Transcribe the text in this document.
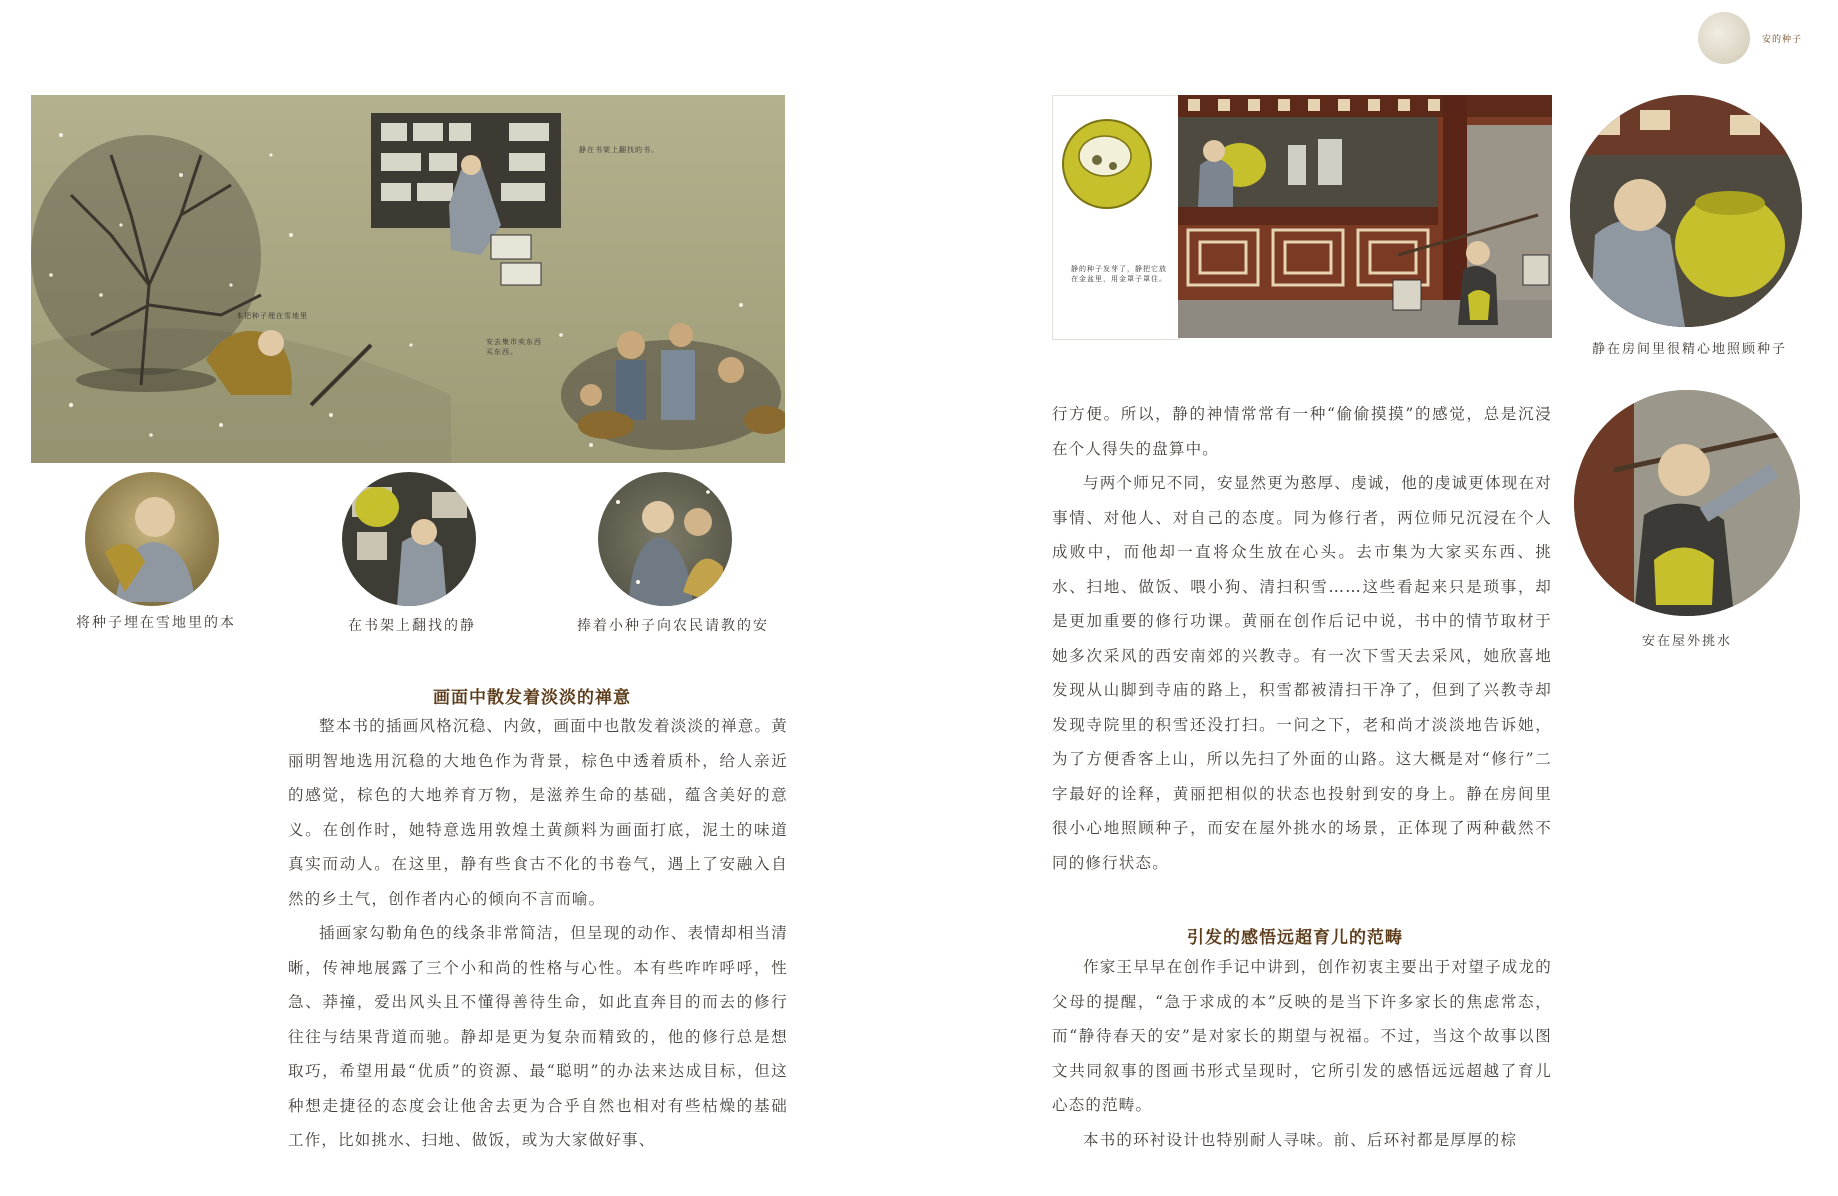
安的种子
静在书架上翻找的书。
本把种子埋在雪地里
安去集市卖东西
买东西。
将种子埋在雪地里的本	在书架上翻找的静	捧着小种子向农民请教的安
画面中散发着淡淡的禅意

整本书的插画风格沉稳、内敛，画面中也散发着淡淡的禅意。黄丽明智地选用沉稳的大地色作为背景，棕色中透着质朴，给人亲近的感觉，棕色的大地养育万物，是滋养生命的基础，蕴含美好的意义。在创作时，她特意选用敦煌土黄颜料为画面打底，泥土的味道真实而动人。在这里，静有些食古不化的书卷气，遇上了安融入自然的乡土气，创作者内心的倾向不言而喻。

插画家勾勒角色的线条非常简洁，但呈现的动作、表情却相当清晰，传神地展露了三个小和尚的性格与心性。本有些咋咋呼呼，性急、莽撞，爱出风头且不懂得善待生命，如此直奔目的而去的修行往往与结果背道而驰。静却是更为复杂而精致的，他的修行总是想取巧，希望用最“优质”的资源、最“聪明”的办法来达成目标，但这种想走捷径的态度会让他舍去更为合乎自然也相对有些枯燥的基础工作，比如挑水、扫地、做饭，或为大家做好事、

静的种子发芽了，静把它放在金盆里，用金罩子罩住。
静在房间里很精心地照顾种子
安在屋外挑水

行方便。所以，静的神情常常有一种“偷偷摸摸”的感觉，总是沉浸在个人得失的盘算中。

与两个师兄不同，安显然更为憨厚、虔诚，他的虔诚更体现在对事情、对他人、对自己的态度。同为修行者，两位师兄沉浸在个人成败中，而他却一直将众生放在心头。去市集为大家买东西、挑水、扫地、做饭、喂小狗、清扫积雪……这些看起来只是琐事，却是更加重要的修行功课。黄丽在创作后记中说，书中的情节取材于她多次采风的西安南郊的兴教寺。有一次下雪天去采风，她欣喜地发现从山脚到寺庙的路上，积雪都被清扫干净了，但到了兴教寺却发现寺院里的积雪还没打扫。一问之下，老和尚才淡淡地告诉她，为了方便香客上山，所以先扫了外面的山路。这大概是对“修行”二字最好的诠释，黄丽把相似的状态也投射到安的身上。静在房间里很小心地照顾种子，而安在屋外挑水的场景，正体现了两种截然不同的修行状态。

引发的感悟远超育儿的范畴

作家王早早在创作手记中讲到，创作初衷主要出于对望子成龙的父母的提醒，“急于求成的本”反映的是当下许多家长的焦虑常态，而“静待春天的安”是对家长的期望与祝福。不过，当这个故事以图文共同叙事的图画书形式呈现时，它所引发的感悟远远超越了育儿心态的范畴。

本书的环衬设计也特别耐人寻味。前、后环衬都是厚厚的棕
